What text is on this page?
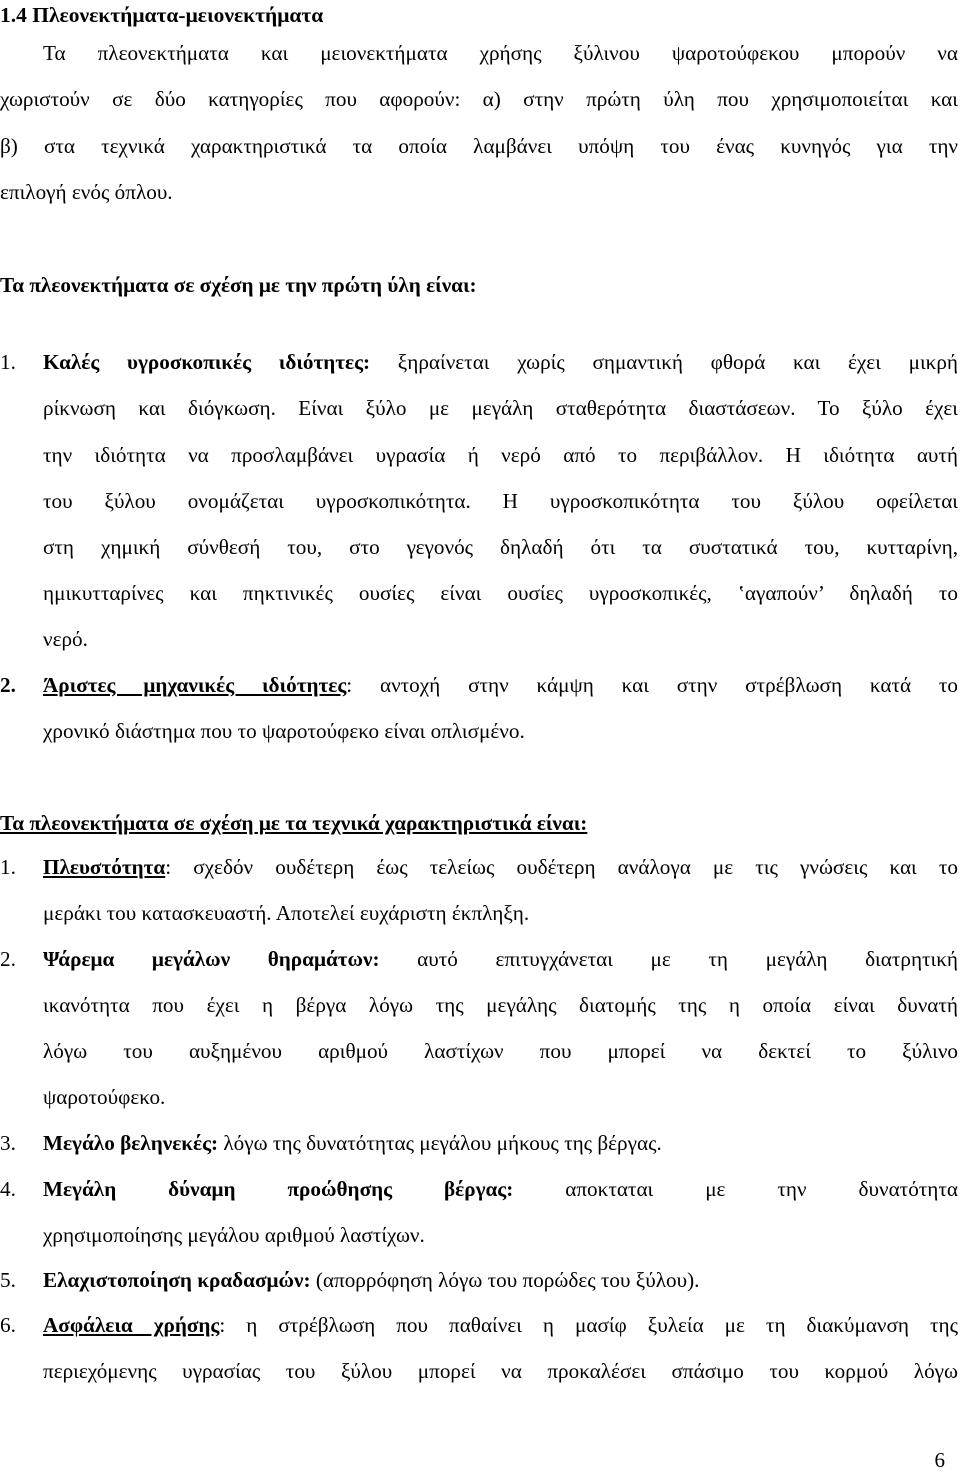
1.4 Πλεονεκτήματα-μειονεκτήματα

Τα πλεονεκτήματα και μειονεκτήματα χρήσης ξύλινου ψαροτούφεκου μπορούν να

χωριστούν σε δύο κατηγορίες που αφορούν: α) στην πρώτη ύλη που χρησιμοποιείται και

β) στα τεχνικά χαρακτηριστικά τα οποία λαμβάνει υπόψη του ένας κυνηγός για την

επιλογή ενός όπλου.

Τα πλεονεκτήματα σε σχέση με την πρώτη ύλη είναι:

1. Καλές υγροσκοπικές ιδιότητες: ξηραίνεται χωρίς σημαντική φθορά και έχει μικρή

ρίκνωση και διόγκωση. Είναι ξύλο με μεγάλη σταθερότητα διαστάσεων. Το ξύλο έχει

την ιδιότητα να προσλαμβάνει υγρασία ή νερό από το περιβάλλον. Η ιδιότητα αυτή

του ξύλου ονομάζεται υγροσκοπικότητα. Η υγροσκοπικότητα του ξύλου οφείλεται

στη χημική σύνθεσή του, στο γεγονός δηλαδή ότι τα συστατικά του, κυτταρίνη,

ημικυτταρίνες και πηκτινικές ουσίες είναι ουσίες υγροσκοπικές, ‛αγαπούν’ δηλαδή το

νερό.

2. Άριστες μηχανικές ιδιότητες: αντοχή στην κάμψη και στην στρέβλωση κατά το

χρονικό διάστημα που το ψαροτούφεκο είναι οπλισμένο.

Τα πλεονεκτήματα σε σχέση με τα τεχνικά χαρακτηριστικά είναι:

1. Πλευστότητα: σχεδόν ουδέτερη έως τελείως ουδέτερη ανάλογα με τις γνώσεις και το

μεράκι του κατασκευαστή. Αποτελεί ευχάριστη έκπληξη.

2. Ψάρεμα μεγάλων θηραμάτων: αυτό επιτυγχάνεται με τη μεγάλη διατρητική

ικανότητα που έχει η βέργα λόγω της μεγάλης διατομής της η οποία είναι δυνατή

λόγω του αυξημένου αριθμού λαστίχων που μπορεί να δεκτεί το ξύλινο

ψαροτούφεκο.

3. Μεγάλο βεληνεκές: λόγω της δυνατότητας μεγάλου μήκους της βέργας.

4. Μεγάλη δύναμη προώθησης βέργας: αποκταται με την δυνατότητα

χρησιμοποίησης μεγάλου αριθμού λαστίχων.

5. Ελαχιστοποίηση κραδασμών: (απορρόφηση λόγω του πορώδες του ξύλου).

6. Ασφάλεια χρήσης: η στρέβλωση που παθαίνει η μασίφ ξυλεία με τη διακύμανση της

περιεχόμενης υγρασίας του ξύλου μπορεί να προκαλέσει σπάσιμο του κορμού λόγω

6
